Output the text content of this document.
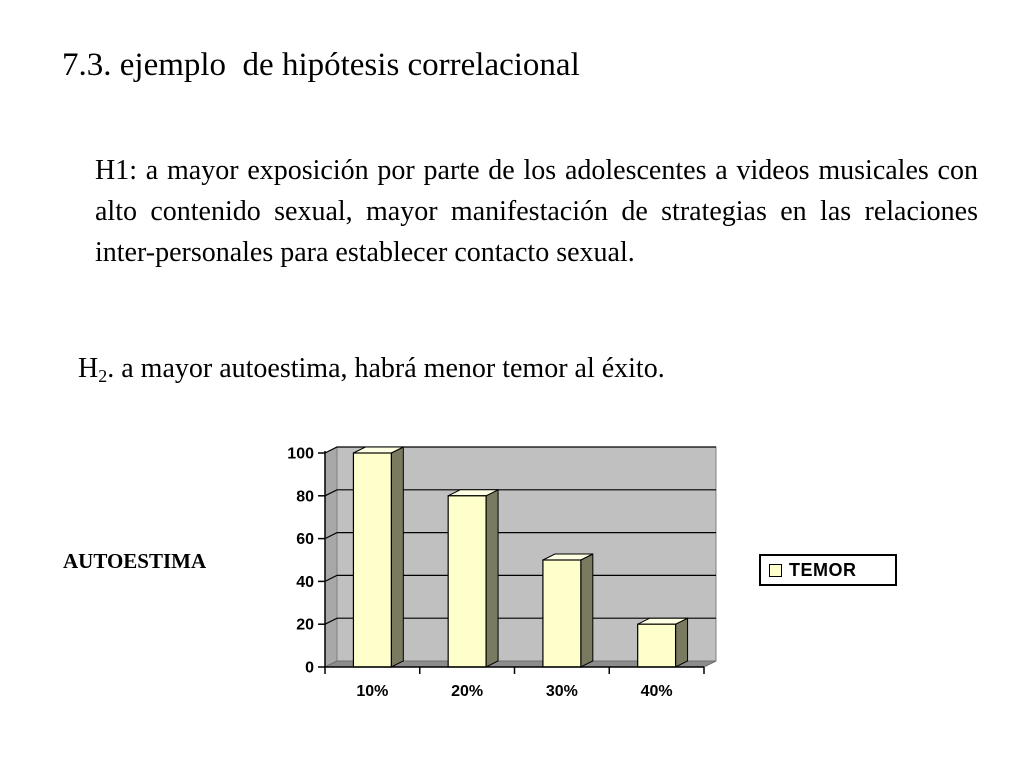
7.3. ejemplo  de hipótesis correlacional
H1: a mayor exposición por parte de los adolescentes a videos musicales con alto contenido sexual, mayor manifestación de strategias en las relaciones inter-personales para establecer contacto sexual.
$H_2$. a mayor autoestima, habrá menor temor al éxito.
AUTOESTIMA
0
20
40
60
80
100
10%	20%	30%	40%
TEMOR
